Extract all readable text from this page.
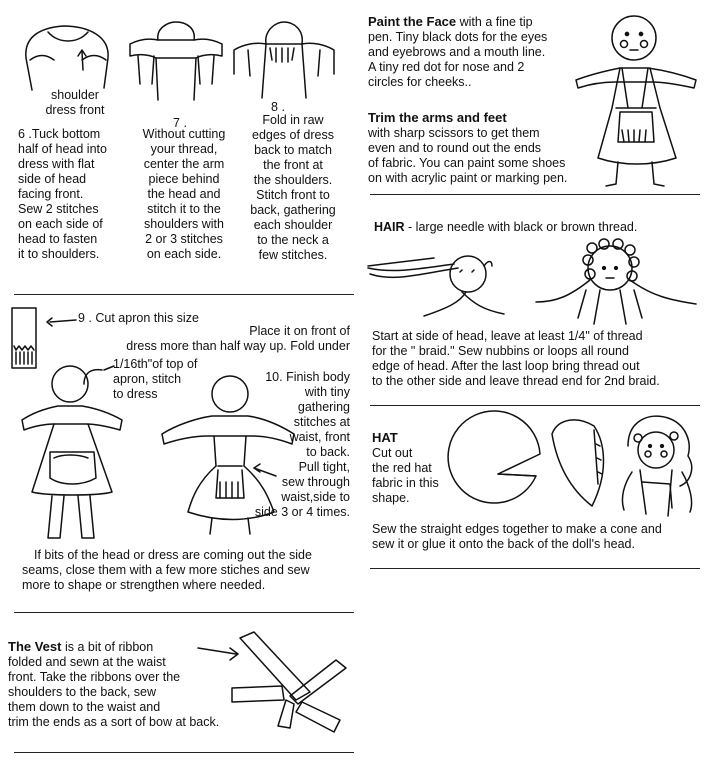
shoulder
dress front
6 .Tuck bottom
half of head into
dress with flat
side of head
facing front.
Sew 2 stitches
on each side of
head to fasten
it to shoulders.
7 .
Without cutting
your thread,
center the arm
piece behind
the head and
stitch it to the
shoulders with
2 or 3 stitches
on each side.
8 .
Fold in raw
edges of dress
back to match
the front at
the shoulders.
Stitch front to
back, gathering
each shoulder
to the neck a
few stitches.
Paint the Face with a fine tip
pen. Tiny black dots for the eyes
and eyebrows and a mouth line.
A tiny red dot for nose and 2
circles for cheeks..
Trim the arms and feet
with sharp scissors to get them
even and to round out the ends
of fabric. You can paint some shoes
on with acrylic paint or marking pen.
HAIR - large needle with black or brown thread.
Start at side of head, leave at least 1/4" of thread
for the " braid." Sew nubbins or loops all round
edge of head. After the last loop bring thread out
to the other side and leave thread end for 2nd braid.
HAT
Cut out
the red hat
fabric in this
shape.
Sew the straight edges together to make a cone and
sew it or glue it onto the back of the doll's head.
9 . Cut apron this size
Place it on front of
dress more than half way up. Fold under
1/16th"of top of
apron, stitch
to dress
10. Finish body
with tiny
gathering
stitches at
waist, front
to back.
Pull tight,
sew through
waist,side to
side 3 or 4 times.
If bits of the head or dress are coming out the side
seams, close them with a few more stiches and sew
more to shape or strengthen where needed.
The Vest is a bit of ribbon
folded and sewn at the waist
front. Take the ribbons over the
shoulders to the back, sew
them down to the waist and
trim the ends as a sort of bow at back.
